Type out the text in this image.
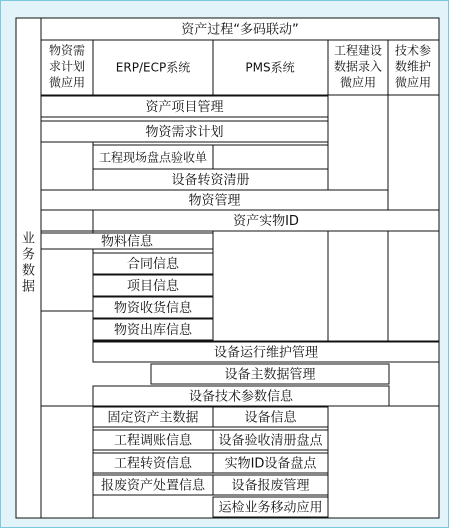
业
务
数
据
资产过程“多码联动”
物资需
求计划
微应用
ERP/ECP系统	PMS系统
工程建设
数据录入
微应用
技术参
数维护
微应用
资产项目管理
物资需求计划
工程现场盘点验收单
设备转资清册
物资管理
资产实物ID
物料信息
合同信息
项目信息
物资收货信息
物资出库信息
设备运行维护管理
设备主数据管理
设备技术参数信息
固定资产主数据	设备信息
工程调账信息 设备验收清册盘点
工程转资信息	实物ID设备盘点
报废资产处置信息 设备报废管理
运检业务移动应用
